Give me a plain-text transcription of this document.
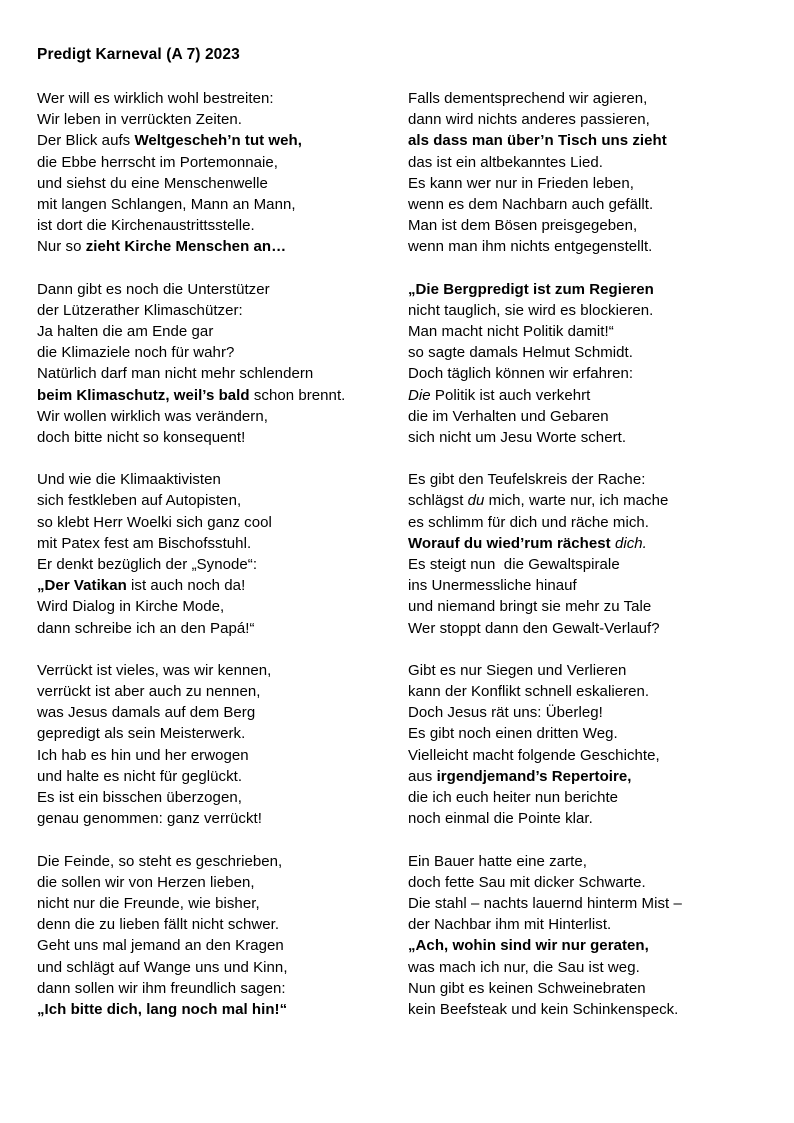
Predigt Karneval (A 7) 2023
Wer will es wirklich wohl bestreiten:
Wir leben in verrückten Zeiten.
Der Blick aufs Weltgescheh’n tut weh,
die Ebbe herrscht im Portemonnaie,
und siehst du eine Menschenwelle
mit langen Schlangen, Mann an Mann,
ist dort die Kirchenaustrittsstelle.
Nur so zieht Kirche Menschen an…
Dann gibt es noch die Unterstützer
der Lützerather Klimaschützer:
Ja halten die am Ende gar
die Klimaziele noch für wahr?
Natürlich darf man nicht mehr schlendern
beim Klimaschutz, weil’s bald schon brennt.
Wir wollen wirklich was verändern,
doch bitte nicht so konsequent!
Und wie die Klimaaktivisten
sich festkleben auf Autopisten,
so klebt Herr Woelki sich ganz cool
mit Patex fest am Bischofsstuhl.
Er denkt bezüglich der „Synode“:
„Der Vatikan ist auch noch da!
Wird Dialog in Kirche Mode,
dann schreibe ich an den Papá!“
Verrückt ist vieles, was wir kennen,
verrückt ist aber auch zu nennen,
was Jesus damals auf dem Berg
gepredigt als sein Meisterwerk.
Ich hab es hin und her erwogen
und halte es nicht für geglückt.
Es ist ein bisschen überzogen,
genau genommen: ganz verrückt!
Die Feinde, so steht es geschrieben,
die sollen wir von Herzen lieben,
nicht nur die Freunde, wie bisher,
denn die zu lieben fällt nicht schwer.
Geht uns mal jemand an den Kragen
und schlägt auf Wange uns und Kinn,
dann sollen wir ihm freundlich sagen:
„Ich bitte dich, lang noch mal hin!“
Falls dementsprechend wir agieren,
dann wird nichts anderes passieren,
als dass man über’n Tisch uns zieht
das ist ein altbekanntes Lied.
Es kann wer nur in Frieden leben,
wenn es dem Nachbarn auch gefällt.
Man ist dem Bösen preisgegeben,
wenn man ihm nichts entgegenstellt.
„Die Bergpredigt ist zum Regieren
nicht tauglich, sie wird es blockieren.
Man macht nicht Politik damit!“
so sagte damals Helmut Schmidt.
Doch täglich können wir erfahren:
Die Politik ist auch verkehrt
die im Verhalten und Gebaren
sich nicht um Jesu Worte schert.
Es gibt den Teufelskreis der Rache:
schlägst du mich, warte nur, ich mache
es schlimm für dich und räche mich.
Worauf du wied’rum rächest dich.
Es steigt nun  die Gewaltspirale
ins Unermessliche hinauf
und niemand bringt sie mehr zu Tale
Wer stoppt dann den Gewalt-Verlauf?
Gibt es nur Siegen und Verlieren
kann der Konflikt schnell eskalieren.
Doch Jesus rät uns: Überleg!
Es gibt noch einen dritten Weg.
Vielleicht macht folgende Geschichte,
aus irgendjemand’s Repertoire,
die ich euch heiter nun berichte
noch einmal die Pointe klar.
Ein Bauer hatte eine zarte,
doch fette Sau mit dicker Schwarte.
Die stahl – nachts lauernd hinterm Mist –
der Nachbar ihm mit Hinterlist.
„Ach, wohin sind wir nur geraten,
was mach ich nur, die Sau ist weg.
Nun gibt es keinen Schweinebraten
kein Beefsteak und kein Schinkenspeck.
